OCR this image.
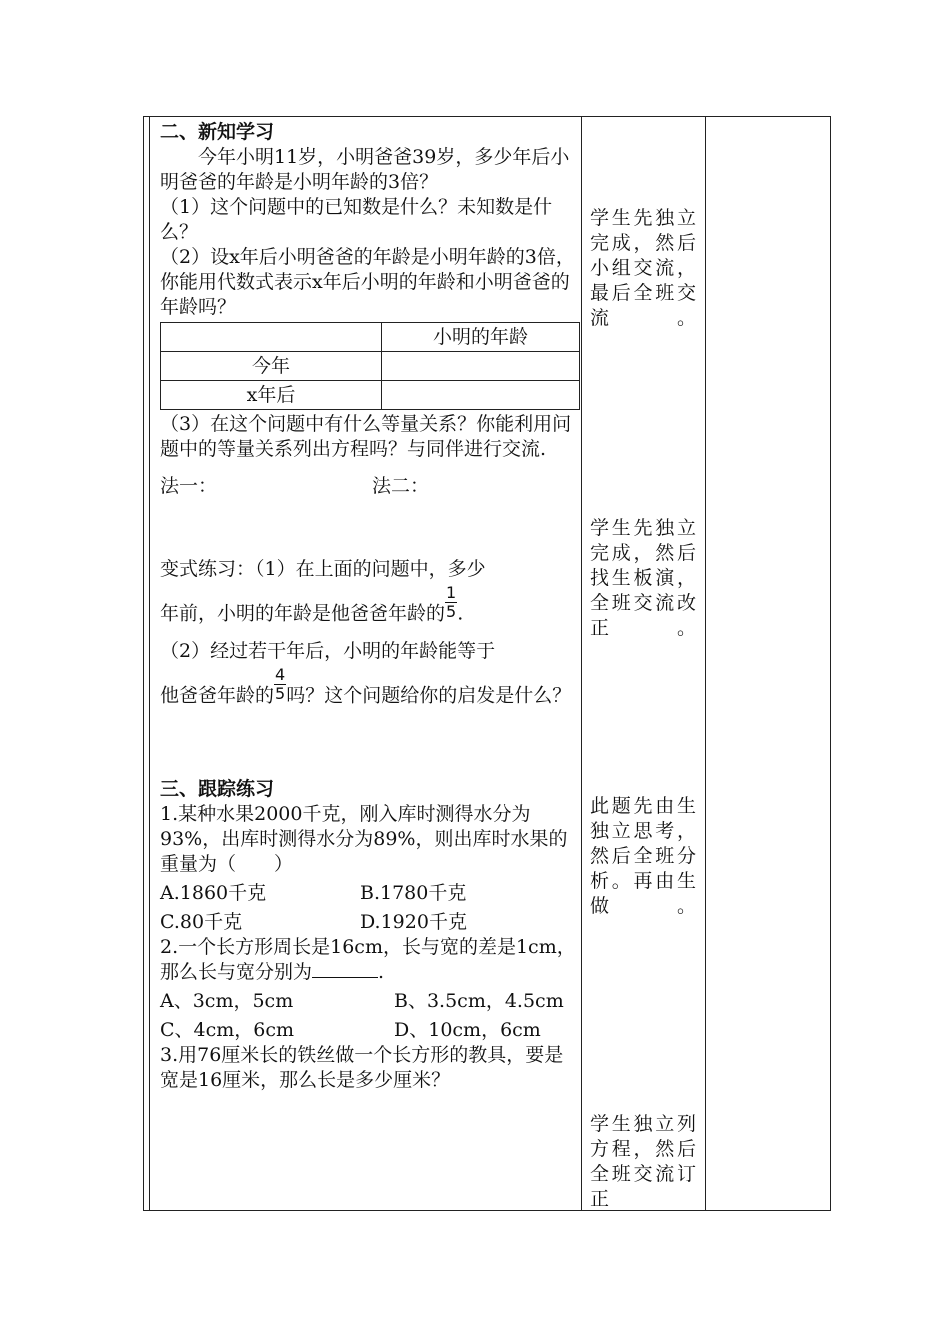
二、新知学习

今年小明11岁，小明爸爸39岁，多少年后小明爸爸的年龄是小明年龄的3倍？

（1）这个问题中的已知数是什么？未知数是什么？

（2）设x年后小明爸爸的年龄是小明年龄的3倍，你能用代数式表示x年后小明的年龄和小明爸爸的年龄吗？

	小明的年龄
今年	
x年后	

（3）在这个问题中有什么等量关系？你能利用问题中的等量关系列出方程吗？与同伴进行交流.

法一：	法二：

变式练习：（1）在上面的问题中，多少

年前，小明的年龄是他爸爸年龄的 $\frac{1}{5}$ .

（2）经过若干年后，小明的年龄能等于

他爸爸年龄的 $\frac{4}{5}$ 吗？这个问题给你的启发是什么？

三、跟踪练习

1.某种水果2000千克，刚入库时测得水分为93%，出库时测得水分为89%，则出库时水果的重量为（　　）

A.1860千克	B.1780千克
C.80千克	D.1920千克

2.一个长方形周长是16cm，长与宽的差是1cm，那么长与宽分别为	.

A、3cm，5cm	B、3.5cm，4.5cm
C、4cm，6cm	D、10cm，6cm

3.用76厘米长的铁丝做一个长方形的教具，要是宽是16厘米，那么长是多少厘米？

学生先独立完成，然后小组交流，最后全班交流。
学生先独立完成，然后找生板演，全班交流改正。
此题先由生独立思考，然后全班分析。再由生做。
学生独立列方程，然后全班交流订正
